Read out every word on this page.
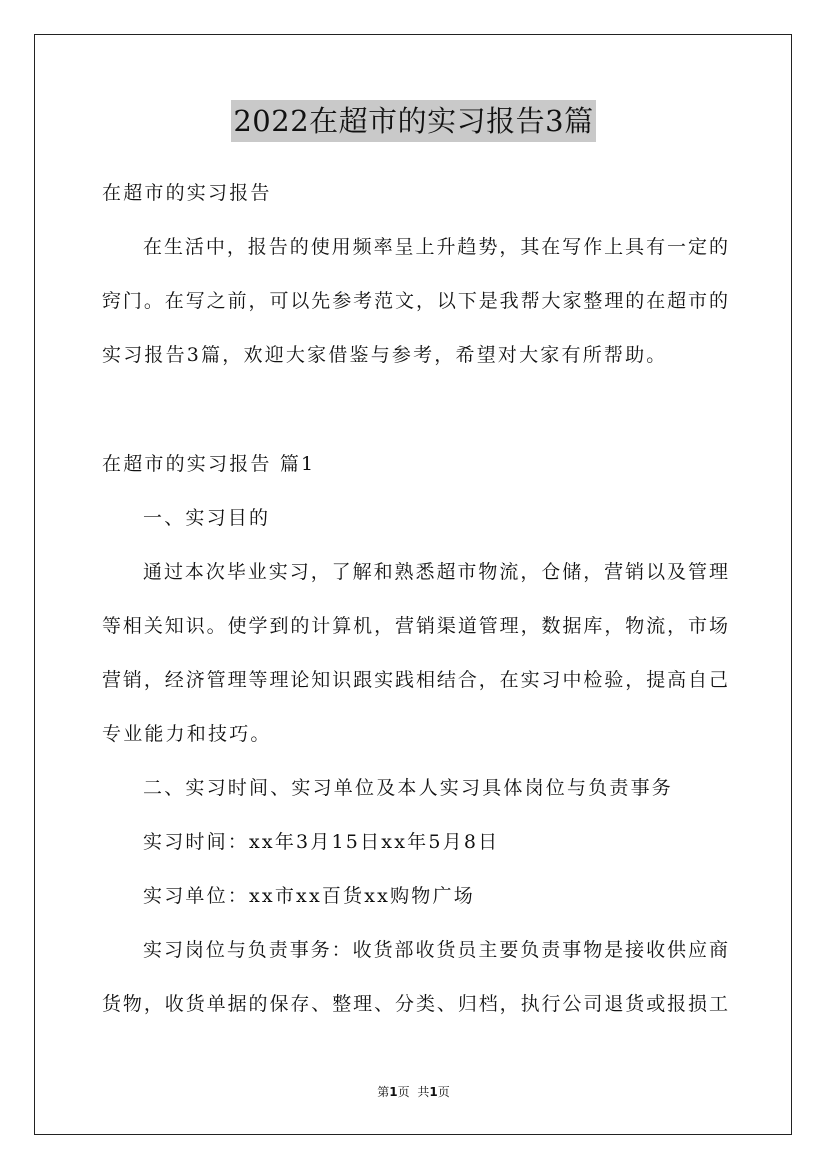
2022在超市的实习报告3篇
在超市的实习报告
在生活中，报告的使用频率呈上升趋势，其在写作上具有一定的
窍门。在写之前，可以先参考范文，以下是我帮大家整理的在超市的
实习报告3篇，欢迎大家借鉴与参考，希望对大家有所帮助。
在超市的实习报告 篇1
一、实习目的
通过本次毕业实习，了解和熟悉超市物流，仓储，营销以及管理
等相关知识。使学到的计算机，营销渠道管理，数据库，物流，市场
营销，经济管理等理论知识跟实践相结合，在实习中检验，提高自己
专业能力和技巧。
二、实习时间、实习单位及本人实习具体岗位与负责事务
实习时间：xx年3月15日xx年5月8日
实习单位：xx市xx百货xx购物广场
实习岗位与负责事务：收货部收货员主要负责事物是接收供应商
货物，收货单据的保存、整理、分类、归档，执行公司退货或报损工
第1页 共1页
